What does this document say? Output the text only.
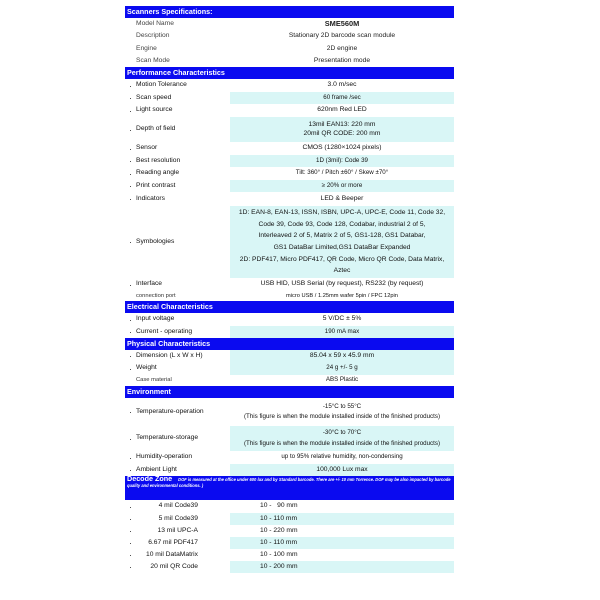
Scanners Specifications:
Model Name	SME560M
Description	Stationary 2D barcode scan module
Engine	2D engine
Scan Mode	Presentation mode
Performance Characteristics
· Motion Tolerance	3.0 m/sec
· Scan speed	60 frame /sec
· Light source	620nm Red LED
· Depth of field
13mil EAN13: 220 mm
20mil QR CODE: 200 mm
· Sensor	CMOS (1280×1024 pixels)
· Best resolution	1D (3mil): Code 39
· Reading angle	Tilt: 360° / Pitch ±60° / Skew ±70°
· Print contrast	≥ 20% or more
· Indicators	LED & Beeper
· Symbologies
1D: EAN-8, EAN-13, ISSN, ISBN, UPC-A, UPC-E, Code 11, Code 32,
Code 39, Code 93, Code 128, Codabar, industrial 2 of 5,
Interleaved 2 of 5, Matrix 2 of 5, GS1-128, GS1 Databar,
GS1 DataBar Limited,GS1 DataBar Expanded
2D: PDF417, Micro PDF417, QR Code, Micro QR Code, Data Matrix,
Aztec
· Interface	USB HID, USB Serial (by request), RS232 (by request)
connection port	micro USB / 1.25mm wafer 5pin / FPC 12pin
Electrical Characteristics
· Input voltage	5 V/DC ± 5%
· Current - operating	190 mA max
Physical Characteristics
· Dimension (L x W x H)	85.04 x 59 x 45.9 mm
· Weight	24 g +/- 5 g
Case material	ABS Plastic
Environment
· Temperature-operation
-15°C to 55°C
(This figure is when the module installed inside of the finished products)
· Temperature-storage
-30°C to 70°C
(This figure is when the module installed inside of the finished products)
· Humidity-operation	up to 95% relative humidity, non-condensing
· Ambient Light	100,000 Lux max
Decode Zone DOF is measured at the office under 600 lux and by Standard barcode. There are +/- 10 mm Torrence. DOF may be also impacted by barcode quality and environmental conditions. )
· 4 mil Code39	10 -   90 mm
· 5 mil Code39	10 - 110 mm
· 13 mil UPC-A	10 - 220 mm
· 6.67 mil PDF417	10 - 110 mm
· 10 mil DataMatrix	10 - 100 mm
· 20 mil QR Code	10 - 200 mm
